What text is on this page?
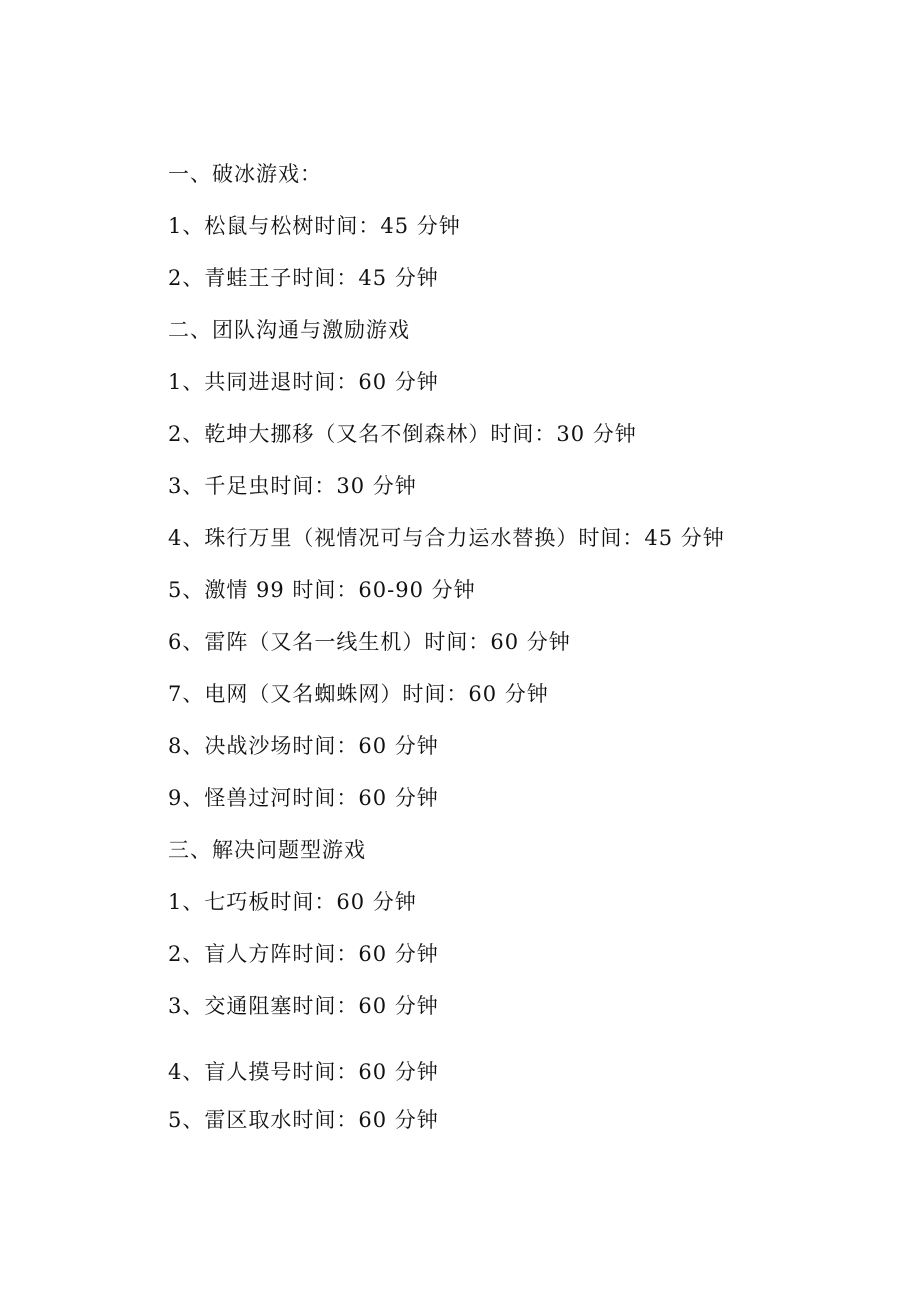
一、破冰游戏：
1、松鼠与松树时间：45 分钟
2、青蛙王子时间：45 分钟
二、团队沟通与激励游戏
1、共同进退时间：60 分钟
2、乾坤大挪移（又名不倒森林）时间：30 分钟
3、千足虫时间：30 分钟
4、珠行万里（视情况可与合力运水替换）时间：45 分钟
5、激情 99 时间：60-90 分钟
6、雷阵（又名一线生机）时间：60 分钟
7、电网（又名蜘蛛网）时间：60 分钟
8、决战沙场时间：60 分钟
9、怪兽过河时间：60 分钟
三、解决问题型游戏
1、七巧板时间：60 分钟
2、盲人方阵时间：60 分钟
3、交通阻塞时间：60 分钟
4、盲人摸号时间：60 分钟
5、雷区取水时间：60 分钟
